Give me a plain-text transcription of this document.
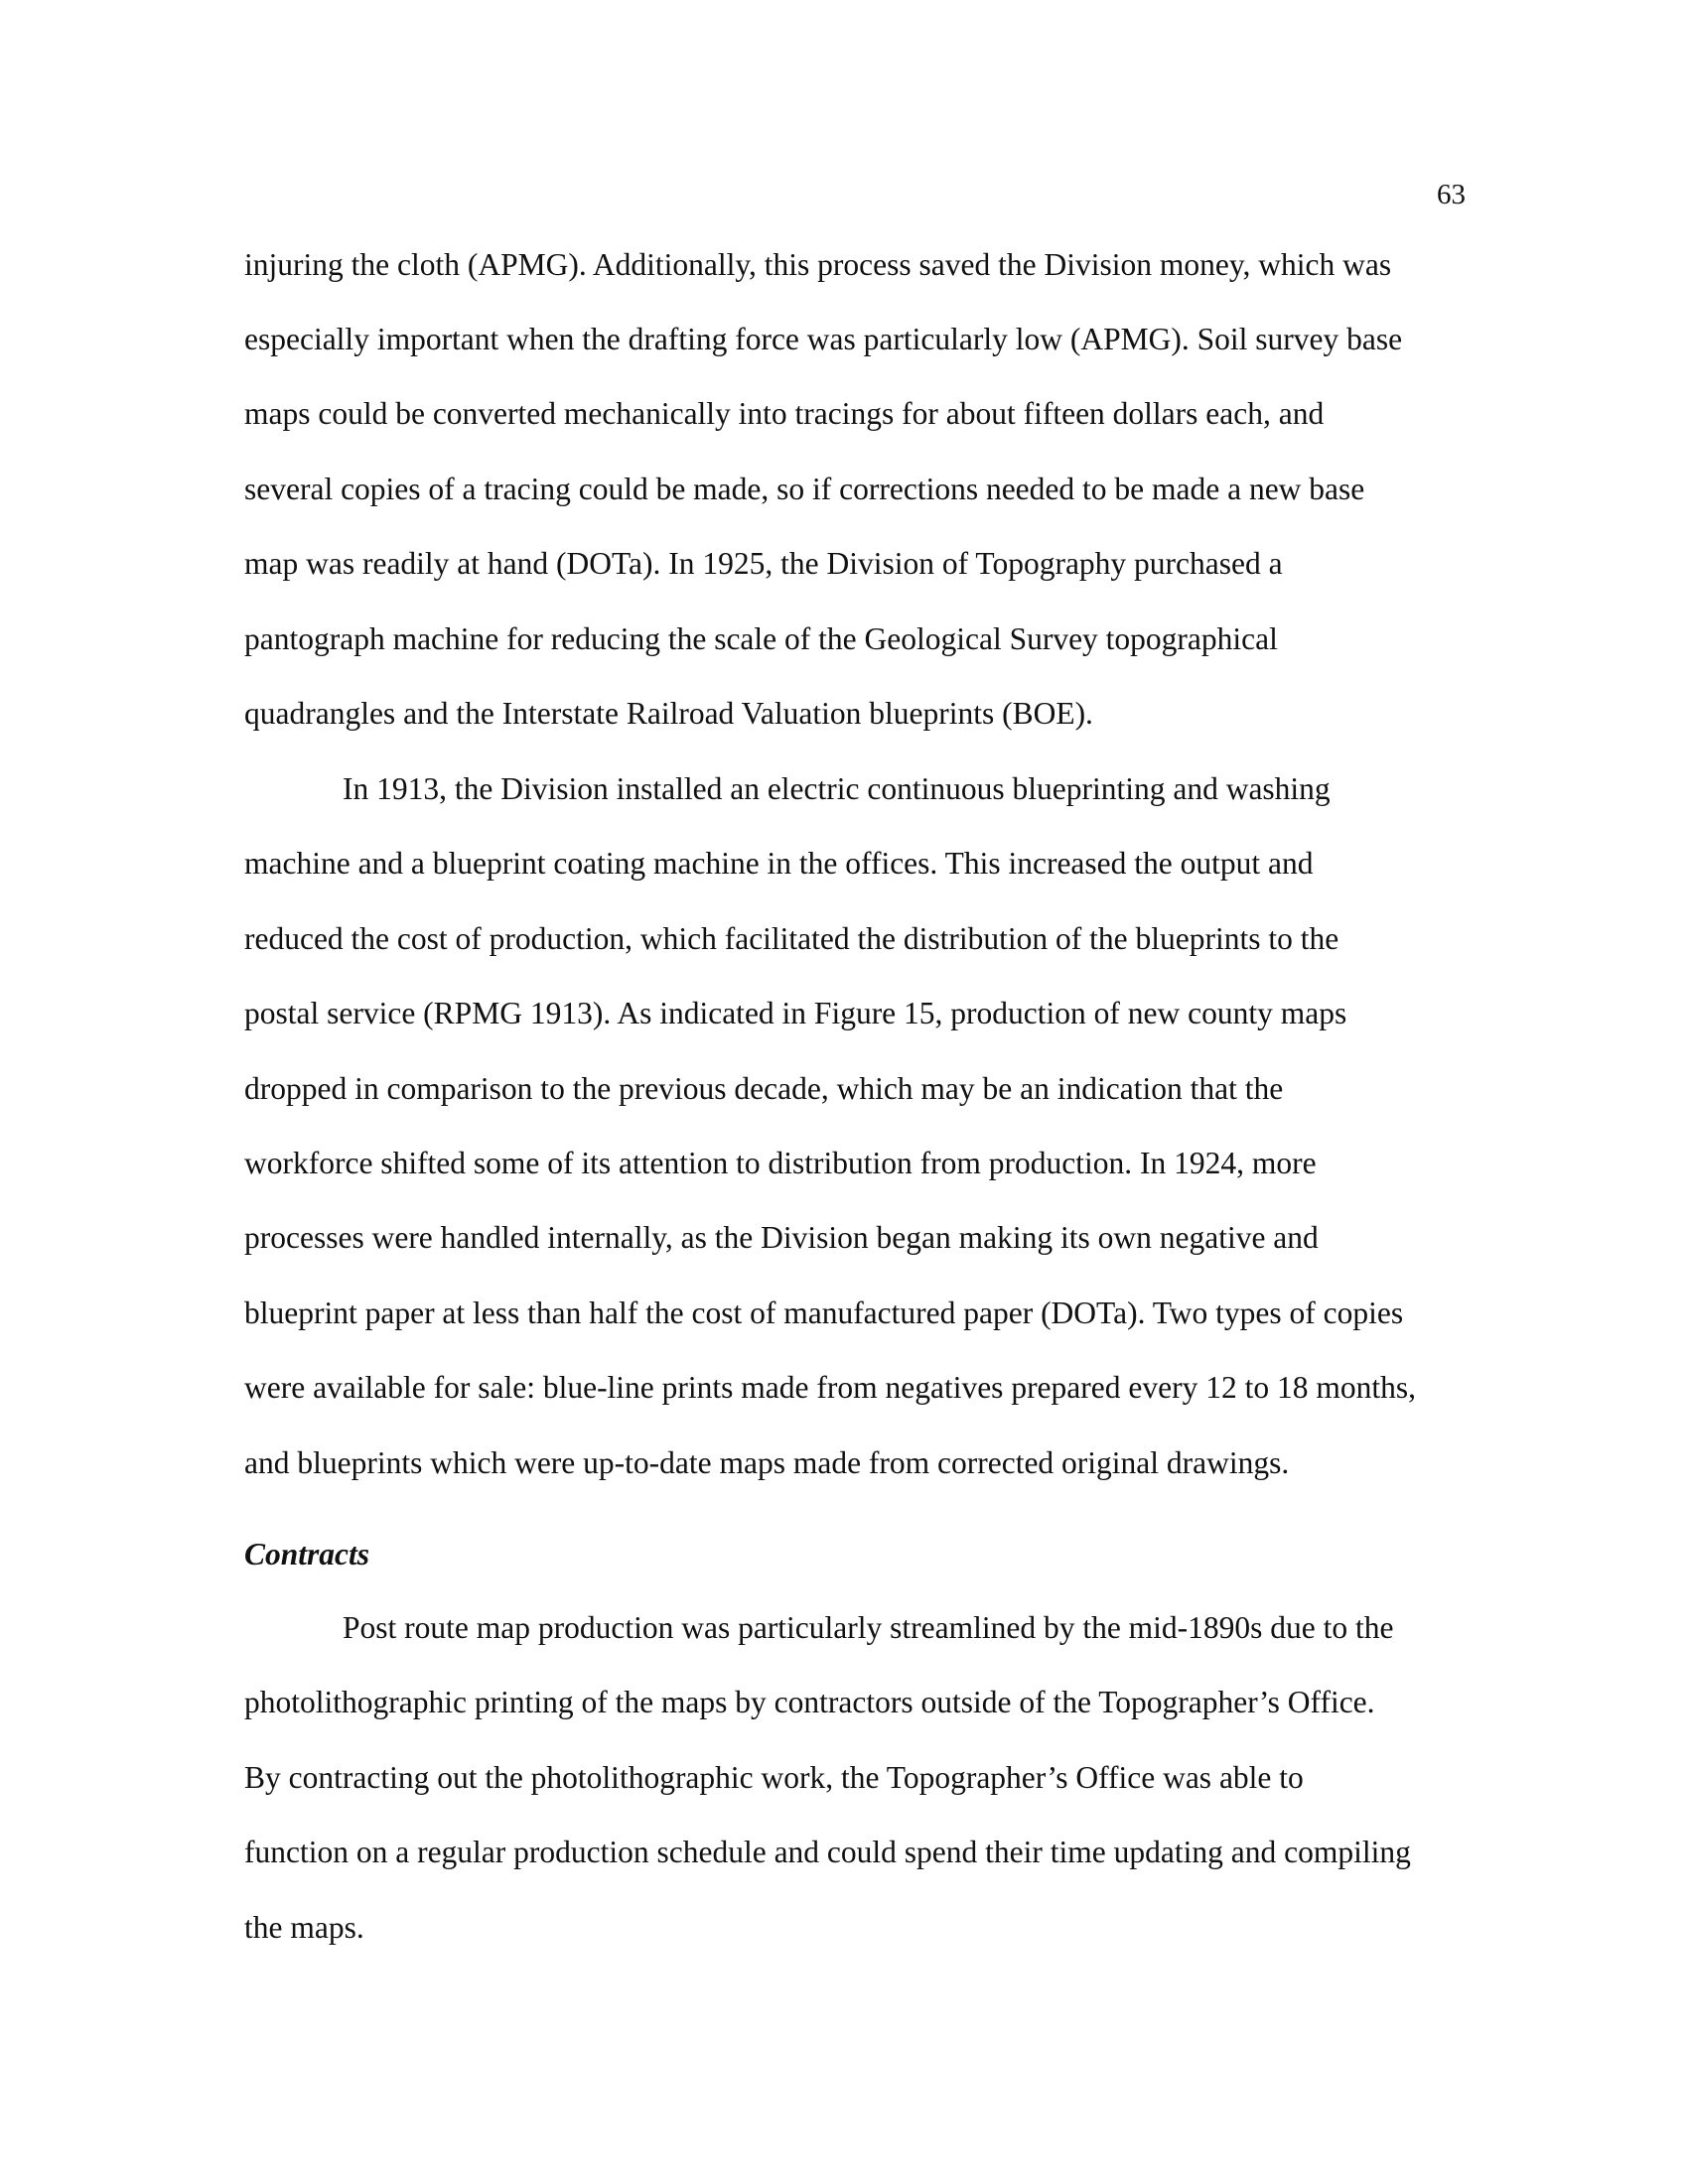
63
injuring the cloth (APMG). Additionally, this process saved the Division money, which was
especially important when the drafting force was particularly low (APMG). Soil survey base
maps could be converted mechanically into tracings for about fifteen dollars each, and
several copies of a tracing could be made, so if corrections needed to be made a new base
map was readily at hand (DOTa). In 1925, the Division of Topography purchased a
pantograph machine for reducing the scale of the Geological Survey topographical
quadrangles and the Interstate Railroad Valuation blueprints (BOE).
In 1913, the Division installed an electric continuous blueprinting and washing
machine and a blueprint coating machine in the offices. This increased the output and
reduced the cost of production, which facilitated the distribution of the blueprints to the
postal service (RPMG 1913). As indicated in Figure 15, production of new county maps
dropped in comparison to the previous decade, which may be an indication that the
workforce shifted some of its attention to distribution from production. In 1924, more
processes were handled internally, as the Division began making its own negative and
blueprint paper at less than half the cost of manufactured paper (DOTa). Two types of copies
were available for sale: blue-line prints made from negatives prepared every 12 to 18 months,
and blueprints which were up-to-date maps made from corrected original drawings.
Contracts
Post route map production was particularly streamlined by the mid-1890s due to the
photolithographic printing of the maps by contractors outside of the Topographer’s Office.
By contracting out the photolithographic work, the Topographer’s Office was able to
function on a regular production schedule and could spend their time updating and compiling
the maps.
